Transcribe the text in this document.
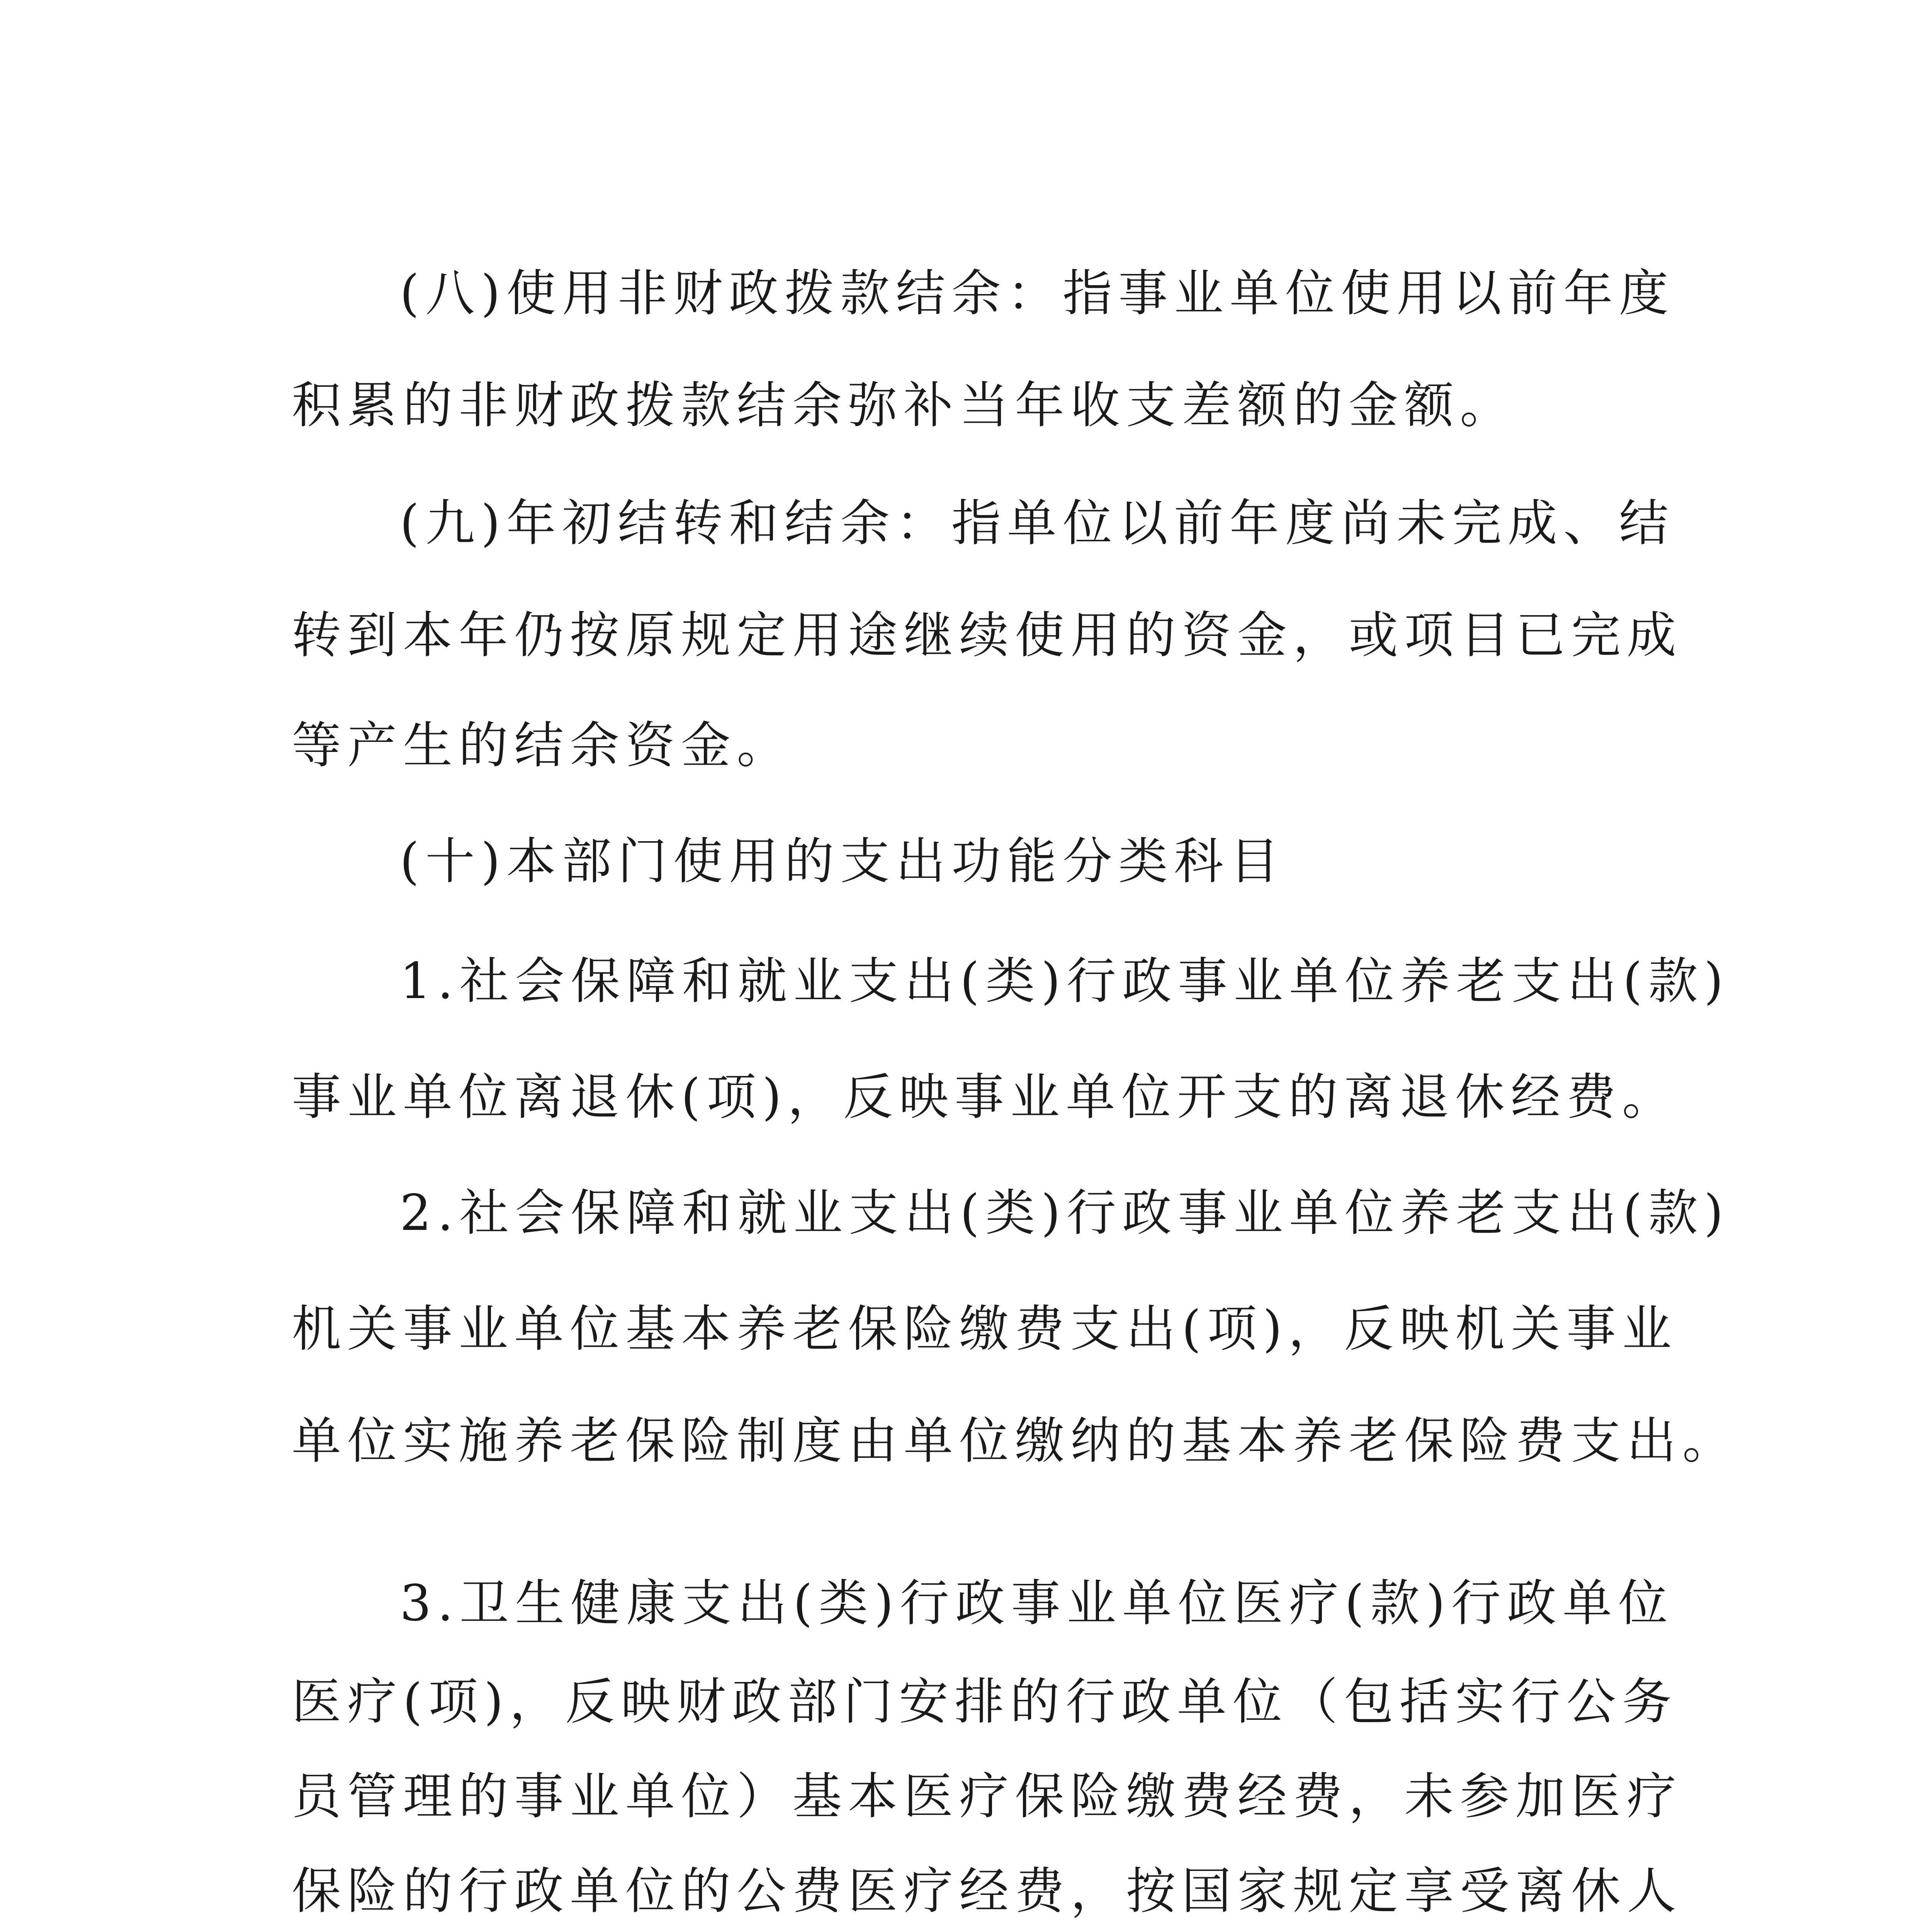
(八)使用非财政拨款结余：指事业单位使用以前年度
积累的非财政拨款结余弥补当年收支差额的金额。
(九)年初结转和结余：指单位以前年度尚未完成、结
转到本年仍按原规定用途继续使用的资金，或项目已完成
等产生的结余资金。
(十)本部门使用的支出功能分类科目
1.社会保障和就业支出(类)行政事业单位养老支出(款)
事业单位离退休(项)，反映事业单位开支的离退休经费。
2.社会保障和就业支出(类)行政事业单位养老支出(款)
机关事业单位基本养老保险缴费支出(项)，反映机关事业
单位实施养老保险制度由单位缴纳的基本养老保险费支出。
3.卫生健康支出(类)行政事业单位医疗(款)行政单位
医疗(项)，反映财政部门安排的行政单位（包括实行公务
员管理的事业单位）基本医疗保险缴费经费，未参加医疗
保险的行政单位的公费医疗经费，按国家规定享受离休人
